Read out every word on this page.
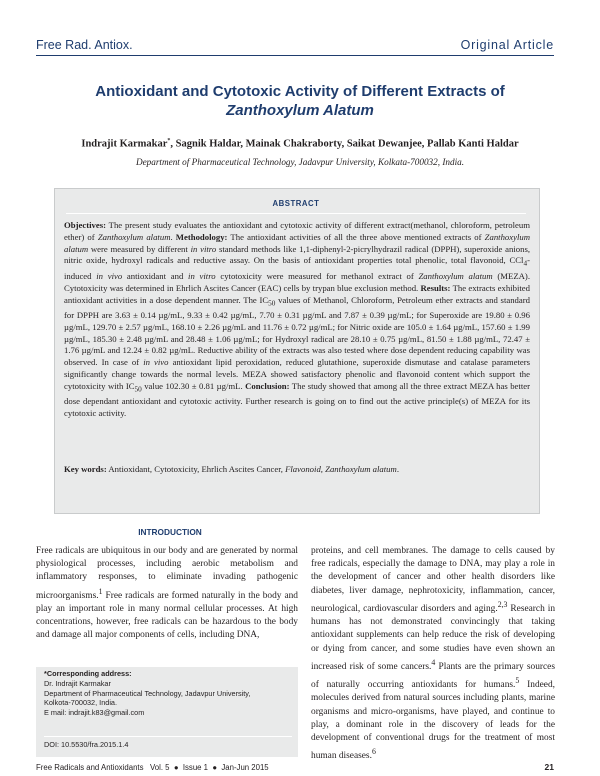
Free Rad. Antiox.	Original Article
Antioxidant and Cytotoxic Activity of Different Extracts of
Zanthoxylum Alatum
Indrajit Karmakar*, Sagnik Haldar, Mainak Chakraborty, Saikat Dewanjee, Pallab Kanti Haldar
Department of Pharmaceutical Technology, Jadavpur University, Kolkata-700032, India.
ABSTRACT
Objectives: The present study evaluates the antioxidant and cytotoxic activity of different extract(methanol, chloroform, petroleum ether) of Zanthoxylum alatum. Methodology: The antioxidant activities of all the three above mentioned extracts of Zanthoxylum alatum were measured by different in vitro standard methods like 1,1-diphenyl-2-picrylhydrazil radical (DPPH), superoxide anions, nitric oxide, hydroxyl radicals and reductive assay. On the basis of antioxidant properties total phenolic, total flavonoid, CCl$_4$-induced in vivo antioxidant and in vitro cytotoxicity were measured for methanol extract of Zanthoxylum alatum (MEZA). Cytotoxicity was determined in Ehrlich Ascites Cancer (EAC) cells by trypan blue exclusion method. Results: The extracts exhibited antioxidant activities in a dose dependent manner. The $IC_{50}$ values of Methanol, Chloroform, Petroleum ether extracts and standard for DPPH are 3.63 ± 0.14 µg/mL, 9.33 ± 0.42 µg/mL, 7.70 ± 0.31 µg/mL and 7.87 ± 0.39 µg/mL; for Superoxide are 19.80 ± 0.96 µg/mL, 129.70 ± 2.57 µg/mL, 168.10 ± 2.26 µg/mL and 11.76 ± 0.72 µg/mL; for Nitric oxide are 105.0 ± 1.64 µg/mL, 157.60 ± 1.99 µg/mL, 185.30 ± 2.48 µg/mL and 28.48 ± 1.06 µg/mL; for Hydroxyl radical are 28.10 ± 0.75 µg/mL, 81.50 ± 1.88 µg/mL, 72.47 ± 1.76 µg/mL and 12.24 ± 0.82 µg/mL. Reductive ability of the extracts was also tested where dose dependent reducing capability was observed. In case of in vivo antioxidant lipid peroxidation, reduced glutathione, superoxide dismutase and catalase parameters significantly change towards the normal levels. MEZA showed satisfactory phenolic and flavonoid content which support the cytotoxicity with $IC_{50}$ value 102.30 ± 0.81 µg/mL. Conclusion: The study showed that among all the three extract MEZA has better dose dependant antioxidant and cytotoxic activity. Further research is going on to find out the active principle(s) of MEZA for its cytotoxic activity.
Key words: Antioxidant, Cytotoxicity, Ehrlich Ascites Cancer, Flavonoid, Zanthoxylum alatum.
INTRODUCTION
Free radicals are ubiquitous in our body and are generated by normal physiological processes, including aerobic metabolism and inflammatory responses, to eliminate invading pathogenic microorganisms.$^1$ Free radicals are formed naturally in the body and play an important role in many normal cellular processes. At high concentrations, however, free radicals can be hazardous to the body and damage all major components of cells, including DNA,
proteins, and cell membranes. The damage to cells caused by free radicals, especially the damage to DNA, may play a role in the development of cancer and other health disorders like diabetes, liver damage, nephrotoxicity, inflammation, cancer, neurological, cardiovascular disorders and aging.$^{2,3}$ Research in humans has not demonstrated convincingly that taking antioxidant supplements can help reduce the risk of developing or dying from cancer, and some studies have even shown an increased risk of some cancers.$^4$ Plants are the primary sources of naturally occurring antioxidants for humans.$^5$ Indeed, molecules derived from natural sources including plants, marine organisms and micro-organisms, have played, and continue to play, a dominant role in the discovery of leads for the development of conventional drugs for the treatment of most human diseases.$^6$
*Corresponding address:
Dr. Indrajit Karmakar
Department of Pharmaceutical Technology, Jadavpur University,
Kolkota-700032, India.
E mail: indrajit.k83@gmail.com
DOI: 10.5530/fra.2015.1.4
Free Radicals and Antioxidants   Vol. 5  ●  Issue 1  ●  Jan-Jun 2015	21
